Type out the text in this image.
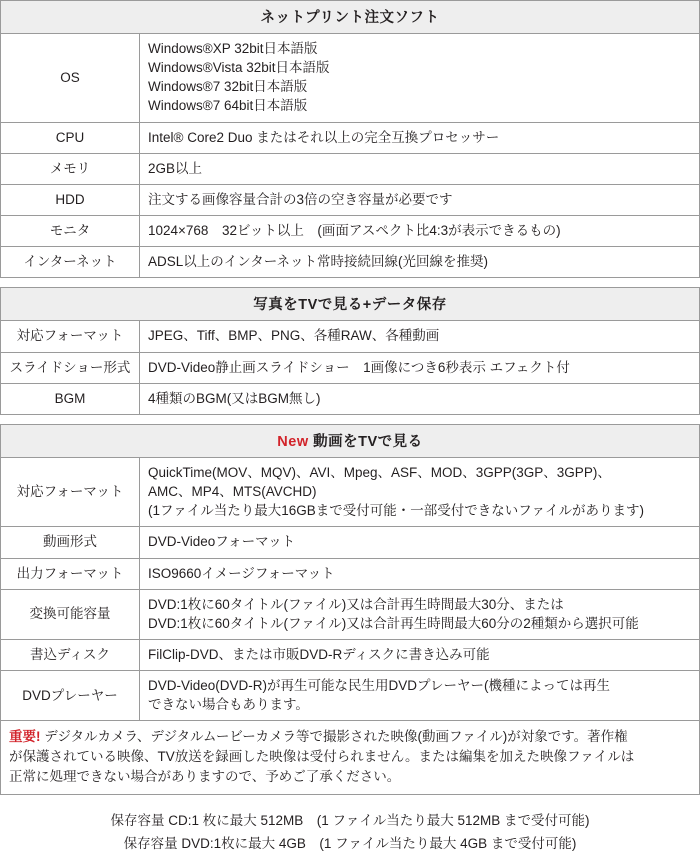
ネットプリント注文ソフト
OS	Windows®XP 32bit日本語版
Windows®Vista 32bit日本語版
Windows®7 32bit日本語版
Windows®7 64bit日本語版

CPU	Intel® Core2 Duo またはそれ以上の完全互換プロセッサー
メモリ	2GB以上
HDD	注文する画像容量合計の3倍の空き容量が必要です
モニタ	1024×768　32ビット以上　(画面アスペクト比4:3が表示できるもの)
インターネット	ADSL以上のインターネット常時接続回線(光回線を推奨)
写真をTVで見る+データ保存
対応フォーマット	JPEG、Tiff、BMP、PNG、各種RAW、各種動画
スライドショー形式	DVD-Video静止画スライドショー　1画像につき6秒表示 エフェクト付
BGM	4種類のBGM(又はBGM無し)
New 動画をTVで見る
対応フォーマット	QuickTime(MOV、MQV)、AVI、Mpeg、ASF、MOD、3GPP(3GP、3GPP)、
AMC、MP4、MTS(AVCHD)
(1ファイル当たり最大16GBまで受付可能・一部受付できないファイルがあります)

動画形式	DVD-Videoフォーマット
出力フォーマット	ISO9660イメージフォーマット
変換可能容量	DVD:1枚に60タイトル(ファイル)又は合計再生時間最大30分、または
DVD:1枚に60タイトル(ファイル)又は合計再生時間最大60分の2種類から選択可能

書込ディスク	FilClip-DVD、または市販DVD-Rディスクに書き込み可能
DVDプレーヤー	DVD-Video(DVD-R)が再生可能な民生用DVDプレーヤー(機種によっては再生
できない場合もあります。
重要! デジタルカメラ、デジタルムービーカメラ等で撮影された映像(動画ファイル)が対象です。著作権
が保護されている映像、TV放送を録画した映像は受付られません。または編集を加えた映像ファイルは
正常に処理できない場合がありますので、予めご了承ください。
保存容量 CD:1 枚に最大 512MB　(1 ファイル当たり最大 512MB まで受付可能)
保存容量 DVD:1枚に最大 4GB　(1 ファイル当たり最大 4GB まで受付可能)
